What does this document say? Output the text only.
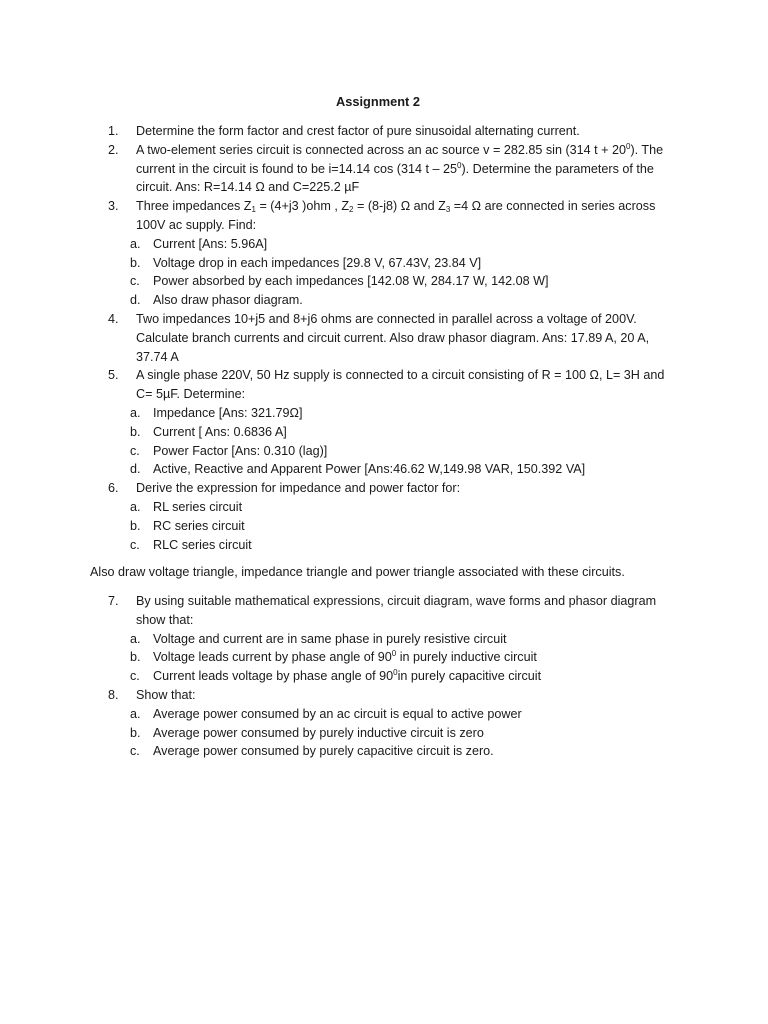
Assignment 2
1.	Determine the form factor and crest factor of pure sinusoidal alternating current.
2.	A two-element series circuit is connected across an ac source v = 282.85 sin (314 $t + 20^0$). The current in the circuit is found to be i=14.14 cos (314 t – $25^0$). Determine the parameters of the circuit. Ans: R=14.14 Ω and C=225.2 µF
3.	Three impedances $Z_1 = (4+j3$ )ohm , $Z_2 = (8-j8)$ Ω and $Z_3 =4$ Ω are connected in series across 100V ac supply. Find:
a. Current [Ans: 5.96A]
b. Voltage drop in each impedances [29.8 V, 67.43V, 23.84 V]
c.	Power absorbed by each impedances [142.08 W, 284.17 W, 142.08 W]
d. Also draw phasor diagram.
4.	Two impedances 10+j5 and 8+j6 ohms are connected in parallel across a voltage of 200V. Calculate branch currents and circuit current. Also draw phasor diagram. Ans: 17.89 A, 20 A, 37.74 A
5.	A single phase 220V, 50 Hz supply is connected to a circuit consisting of R = 100 Ω, L= 3H and C= 5µF. Determine:
a. Impedance [Ans: 321.79Ω]
b. Current [ Ans: 0.6836 A]
c.	Power Factor [Ans: 0.310 (lag)]
d. Active, Reactive and Apparent Power [Ans:46.62 W,149.98 VAR, 150.392 VA]
6.	Derive the expression for impedance and power factor for:
a. RL series circuit
b. RC series circuit
c.	RLC series circuit
Also draw voltage triangle, impedance triangle and power triangle associated with these circuits.
7.	By using suitable mathematical expressions, circuit diagram, wave forms and phasor diagram show that:
a. Voltage and current are in same phase in purely resistive circuit
b. Voltage leads current by phase angle of $90^0$ in purely inductive circuit
c.	Current leads voltage by phase angle of $90^0in$ purely capacitive circuit
8.	Show that:
a. Average power consumed by an ac circuit is equal to active power
b. Average power consumed by purely inductive circuit is zero
c.	Average power consumed by purely capacitive circuit is zero.
